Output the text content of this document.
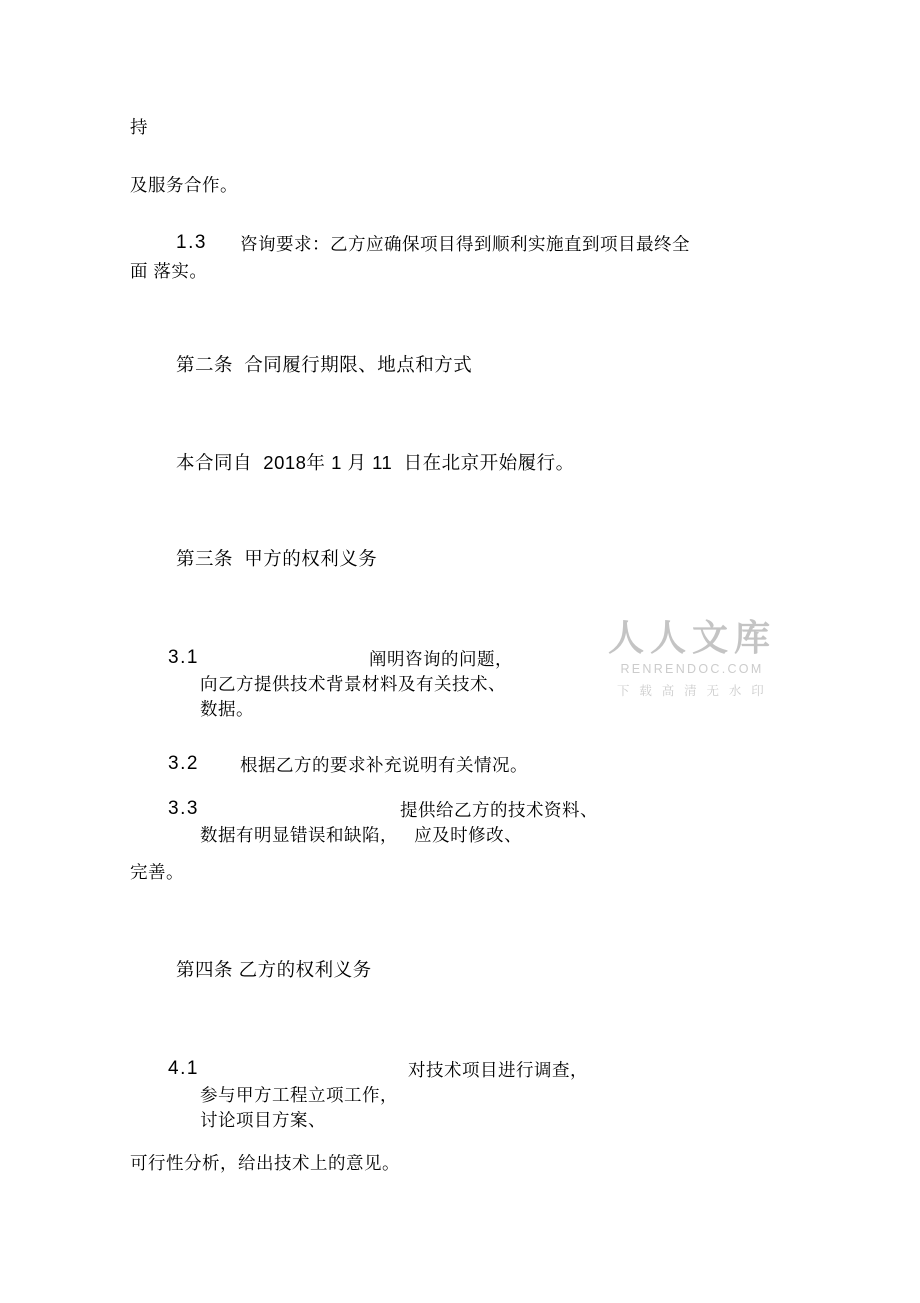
持
及服务合作。
1.3 咨询要求：乙方应确保项目得到顺利实施直到项目最终全
面 落实。
第二条  合同履行期限、地点和方式
本合同自  2018年 1 月 11  日在北京开始履行。
第三条  甲方的权利义务
3.1	阐明咨询的问题，
向乙方提供技术背景材料及有关技术、
数据。
3.2 根据乙方的要求补充说明有关情况。
3.3	提供给乙方的技术资料、
数据有明显错误和缺陷，   应及时修改、
完善。
第四条 乙方的权利义务
4.1	对技术项目进行调查，
参与甲方工程立项工作，
讨论项目方案、
可行性分析，给出技术上的意见。
人人文库
RENRENDOC.COM
下 载 高 清 无 水 印
